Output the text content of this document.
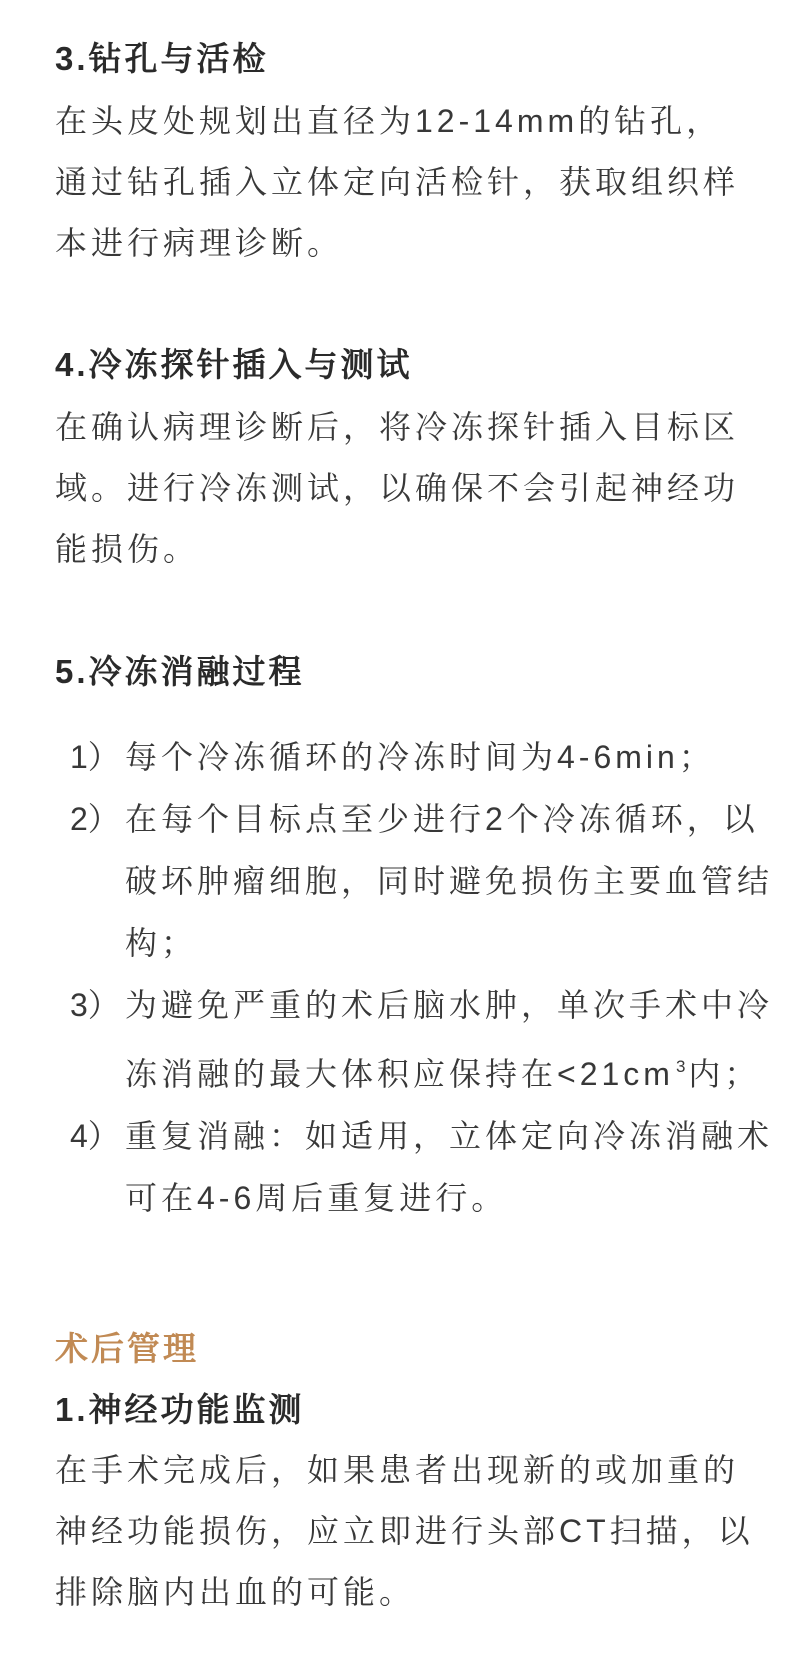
3.钻孔与活检
在头皮处规划出直径为12-14mm的钻孔，
通过钻孔插入立体定向活检针，获取组织样
本进行病理诊断。
4.冷冻探针插入与测试
在确认病理诊断后，将冷冻探针插入目标区
域。进行冷冻测试，以确保不会引起神经功
能损伤。
5.冷冻消融过程
1） 每个冷冻循环的冷冻时间为4-6min；
2） 在每个目标点至少进行2个冷冻循环，以
破坏肿瘤细胞，同时避免损伤主要血管结
构；
3） 为避免严重的术后脑水肿，单次手术中冷
冻消融的最大体积应保持在<21cm $^3$内；
4） 重复消融：如适用，立体定向冷冻消融术
可在4-6周后重复进行。
术后管理
1.神经功能监测
在手术完成后，如果患者出现新的或加重的
神经功能损伤，应立即进行头部CT扫描，以
排除脑内出血的可能。
